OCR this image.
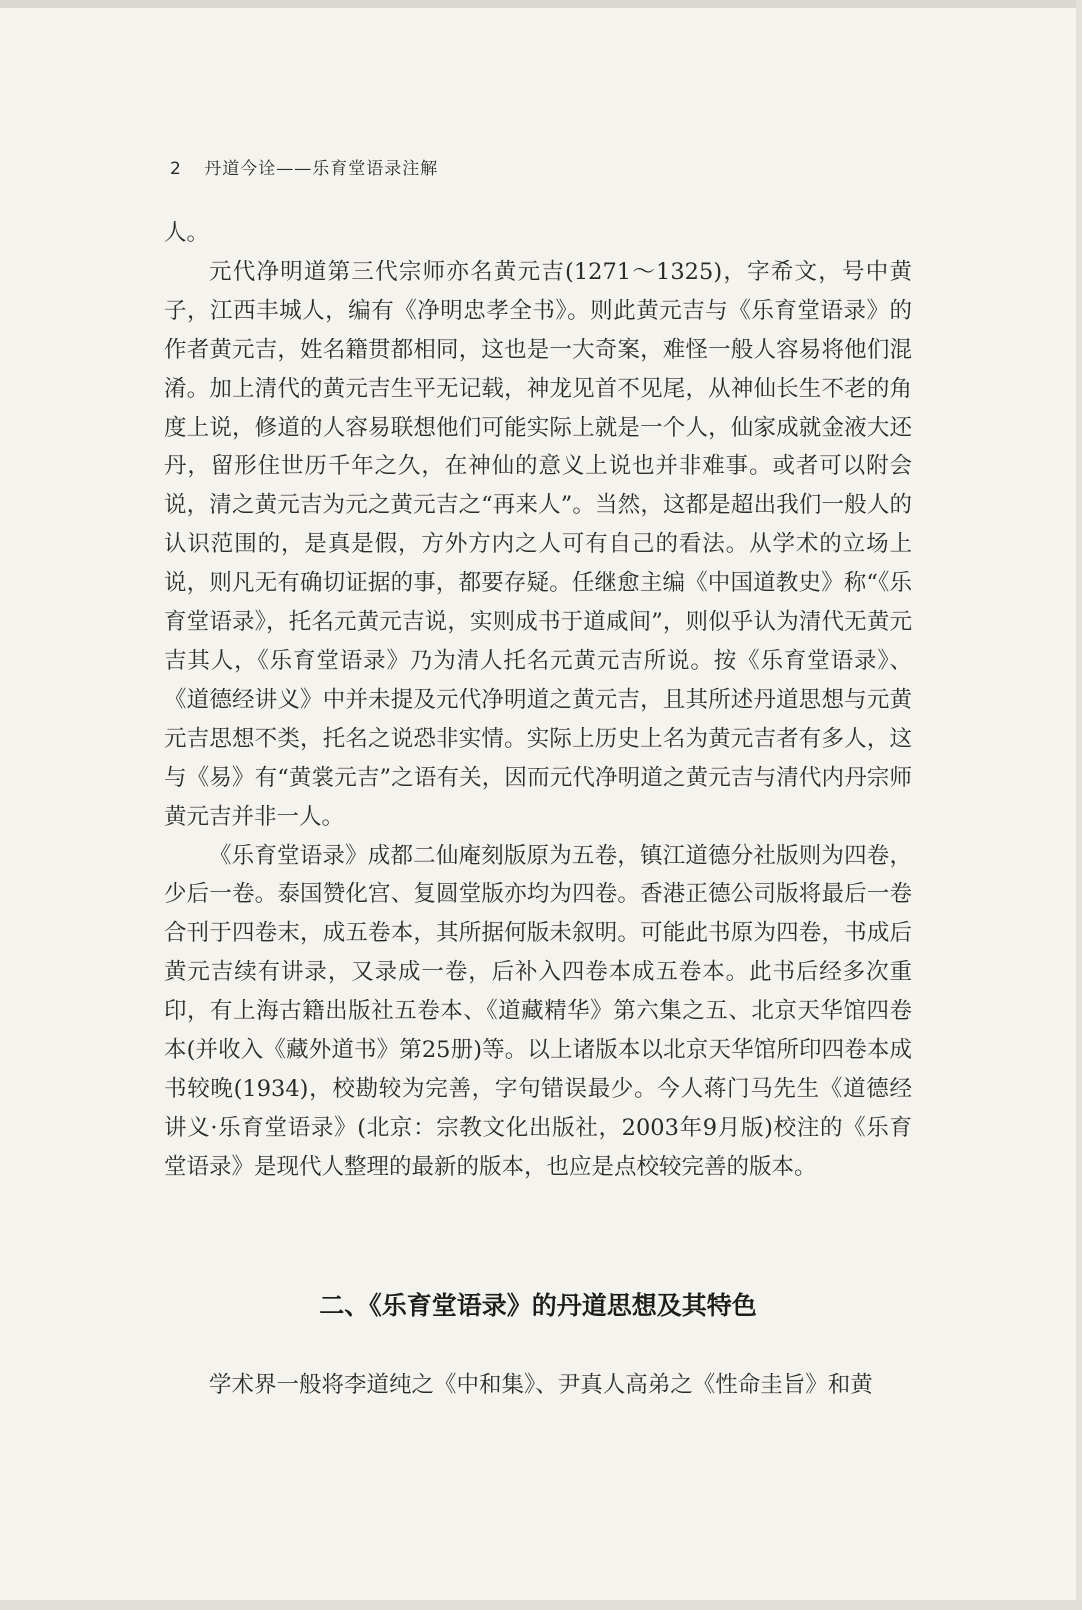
2 丹道今诠——乐育堂语录注解

人。

元代净明道第三代宗师亦名黄元吉(1271～1325)，字希文，号中黄子，江西丰城人，编有《净明忠孝全书》。则此黄元吉与《乐育堂语录》的作者黄元吉，姓名籍贯都相同，这也是一大奇案，难怪一般人容易将他们混淆。加上清代的黄元吉生平无记载，神龙见首不见尾，从神仙长生不老的角度上说，修道的人容易联想他们可能实际上就是一个人，仙家成就金液大还丹，留形住世历千年之久，在神仙的意义上说也并非难事。或者可以附会说，清之黄元吉为元之黄元吉之“再来人”。当然，这都是超出我们一般人的认识范围的，是真是假，方外方内之人可有自己的看法。从学术的立场上说，则凡无有确切证据的事，都要存疑。任继愈主编《中国道教史》称“《乐育堂语录》，托名元黄元吉说，实则成书于道咸间”，则似乎认为清代无黄元吉其人，《乐育堂语录》乃为清人托名元黄元吉所说。按《乐育堂语录》、《道德经讲义》中并未提及元代净明道之黄元吉，且其所述丹道思想与元黄元吉思想不类，托名之说恐非实情。实际上历史上名为黄元吉者有多人，这与《易》有“黄裳元吉”之语有关，因而元代净明道之黄元吉与清代内丹宗师黄元吉并非一人。

《乐育堂语录》成都二仙庵刻版原为五卷，镇江道德分社版则为四卷，少后一卷。泰国赞化宫、复圆堂版亦均为四卷。香港正德公司版将最后一卷合刊于四卷末，成五卷本，其所据何版未叙明。可能此书原为四卷，书成后黄元吉续有讲录，又录成一卷，后补入四卷本成五卷本。此书后经多次重印，有上海古籍出版社五卷本、《道藏精华》第六集之五、北京天华馆四卷本(并收入《藏外道书》第25册)等。以上诸版本以北京天华馆所印四卷本成书较晚(1934)，校勘较为完善，字句错误最少。今人蒋门马先生《道德经讲义·乐育堂语录》(北京：宗教文化出版社，2003年9月版)校注的《乐育堂语录》是现代人整理的最新的版本，也应是点校较完善的版本。

二、《乐育堂语录》的丹道思想及其特色
学术界一般将李道纯之《中和集》、尹真人高弟之《性命圭旨》和黄
